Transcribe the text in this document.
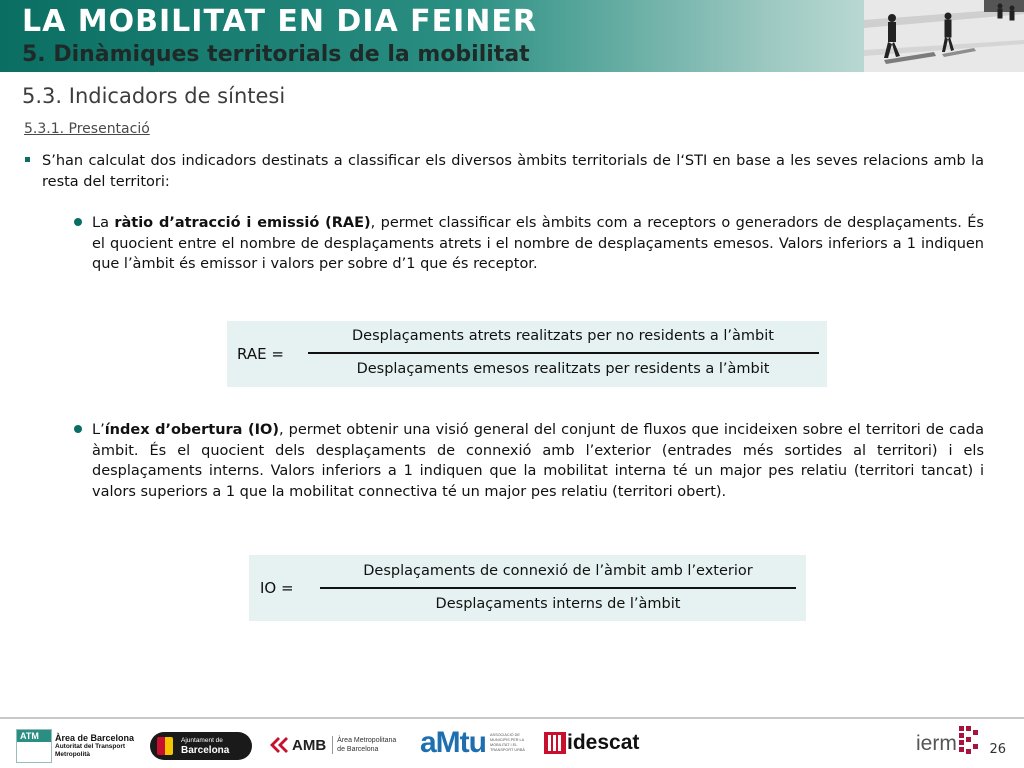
LA MOBILITAT EN DIA FEINER
5. Dinàmiques territorials de la mobilitat
5.3. Indicadors de síntesi
5.3.1. Presentació
S’han calculat dos indicadors destinats a classificar els diversos àmbits territorials de l‘STI en base a les seves relacions amb la resta del territori:
La ràtio d’atracció i emissió (RAE), permet classificar els àmbits com a receptors o generadors de desplaçaments. És el quocient entre el nombre de desplaçaments atrets i el nombre de desplaçaments emesos. Valors inferiors a 1 indiquen que l’àmbit és emissor i valors per sobre d’1 que és receptor.
RAE =
Desplaçaments atrets realitzats per no residents a l’àmbit
Desplaçaments emesos realitzats per residents a l’àmbit
L’índex d’obertura (IO), permet obtenir una visió general del conjunt de fluxos que incideixen sobre el territori de cada àmbit. És el quocient dels desplaçaments de connexió amb l’exterior (entrades més sortides al territori) i els desplaçaments interns. Valors inferiors a 1 indiquen que la mobilitat interna té un major pes relatiu (territori tancat) i valors superiors a 1 que la mobilitat connectiva té un major pes relatiu (territori obert).
IO =
Desplaçaments de connexió de l’àmbit amb l’exterior
Desplaçaments interns de l’àmbit
ATM	Àrea de Barcelona
Autoritat del Transport
Metropolità
Ajuntament de
Barcelona	AMB Àrea Metropolitana
de Barcelona	aMtu ASSOCIACIÓ DE MUNICIPIS PER LA MOBILITAT I EL TRANSPORT URBÀ idescat	ierm	26
